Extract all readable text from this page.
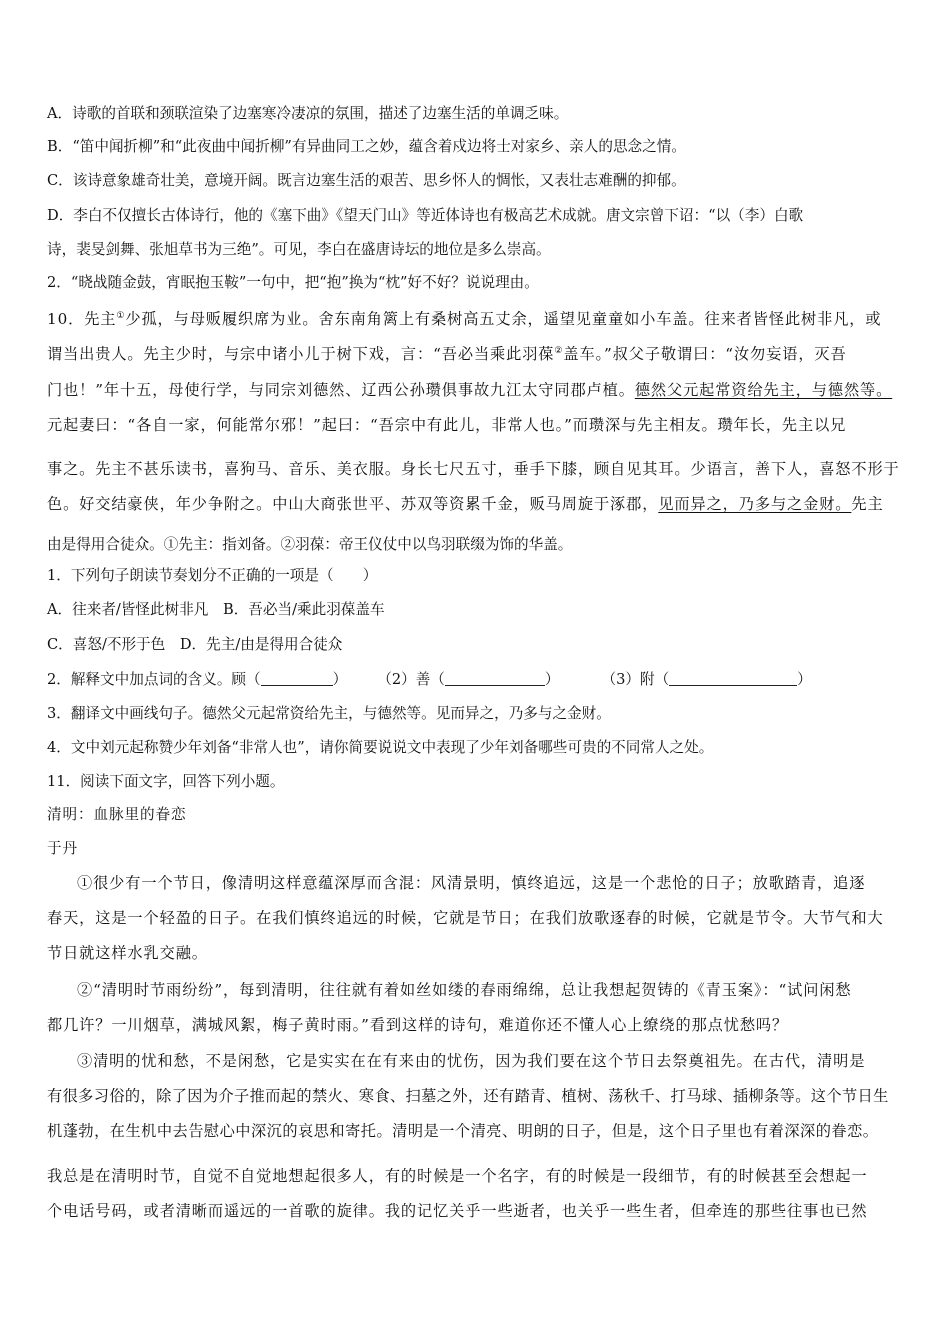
A．诗歌的首联和颈联渲染了边塞寒冷凄凉的氛围，描述了边塞生活的单调乏味。
B．“笛中闻折柳”和“此夜曲中闻折柳”有异曲同工之妙，蕴含着戍边将士对家乡、亲人的思念之情。
C．该诗意象雄奇壮美，意境开阔。既言边塞生活的艰苦、思乡怀人的惆怅，又表壮志难酬的抑郁。
D．李白不仅擅长古体诗行，他的《塞下曲》《望天门山》等近体诗也有极高艺术成就。唐文宗曾下诏：“以（李）白歌
诗，裴旻剑舞、张旭草书为三绝”。可见，李白在盛唐诗坛的地位是多么崇高。
2．“晓战随金鼓，宵眠抱玉鞍”一句中，把“抱”换为“枕”好不好？说说理由。
10．先主①少孤，与母贩履织席为业。舍东南角篱上有桑树高五丈余，遥望见童童如小车盖。往来者皆怪此树非凡，或
谓当出贵人。先主少时，与宗中诸小儿于树下戏，言：“吾必当乘此羽葆②盖车。”叔父子敬谓曰：“汝勿妄语，灭吾
门也！”年十五，母使行学，与同宗刘德然、辽西公孙瓒俱事故九江太守同郡卢植。德然父元起常资给先主，与德然等。
元起妻曰：“各自一家，何能常尔邪！”起曰：“吾宗中有此儿，非常人也。”而瓒深与先主相友。瓒年长，先主以兄
事之。先主不甚乐读书，喜狗马、音乐、美衣服。身长七尺五寸，垂手下膝，顾自见其耳。少语言，善下人，喜怒不形于
色。好交结豪侠，年少争附之。中山大商张世平、苏双等资累千金，贩马周旋于涿郡，见而异之，乃多与之金财。先主
由是得用合徒众。①先主：指刘备。②羽葆：帝王仪仗中以鸟羽联缀为饰的华盖。
1．下列句子朗读节奏划分不正确的一项是（　　）
A．往来者/皆怪此树非凡　B．吾必当/乘此羽葆盖车
C．喜怒/不形于色　D．先主/由是得用合徒众
2．解释文中加点词的含义。顾（	） （2）善（	）	（3）附（	）
3．翻译文中画线句子。德然父元起常资给先主，与德然等。见而异之，乃多与之金财。
4．文中刘元起称赞少年刘备“非常人也”，请你简要说说文中表现了少年刘备哪些可贵的不同常人之处。
11．阅读下面文字，回答下列小题。
清明：血脉里的眷恋
于丹
①很少有一个节日，像清明这样意蕴深厚而含混：风清景明，慎终追远，这是一个悲怆的日子；放歌踏青，追逐
春天，这是一个轻盈的日子。在我们慎终追远的时候，它就是节日；在我们放歌逐春的时候，它就是节令。大节气和大
节日就这样水乳交融。
②“清明时节雨纷纷”，每到清明，往往就有着如丝如缕的春雨绵绵，总让我想起贺铸的《青玉案》：“试问闲愁
都几许？一川烟草，满城风絮，梅子黄时雨。”看到这样的诗句，难道你还不懂人心上缭绕的那点忧愁吗？
③清明的忧和愁，不是闲愁，它是实实在在有来由的忧伤，因为我们要在这个节日去祭奠祖先。在古代，清明是
有很多习俗的，除了因为介子推而起的禁火、寒食、扫墓之外，还有踏青、植树、荡秋千、打马球、插柳条等。这个节日生
机蓬勃，在生机中去告慰心中深沉的哀思和寄托。清明是一个清亮、明朗的日子，但是，这个日子里也有着深深的眷恋。
我总是在清明时节，自觉不自觉地想起很多人，有的时候是一个名字，有的时候是一段细节，有的时候甚至会想起一
个电话号码，或者清晰而遥远的一首歌的旋律。我的记忆关乎一些逝者，也关乎一些生者，但牵连的那些往事也已然
